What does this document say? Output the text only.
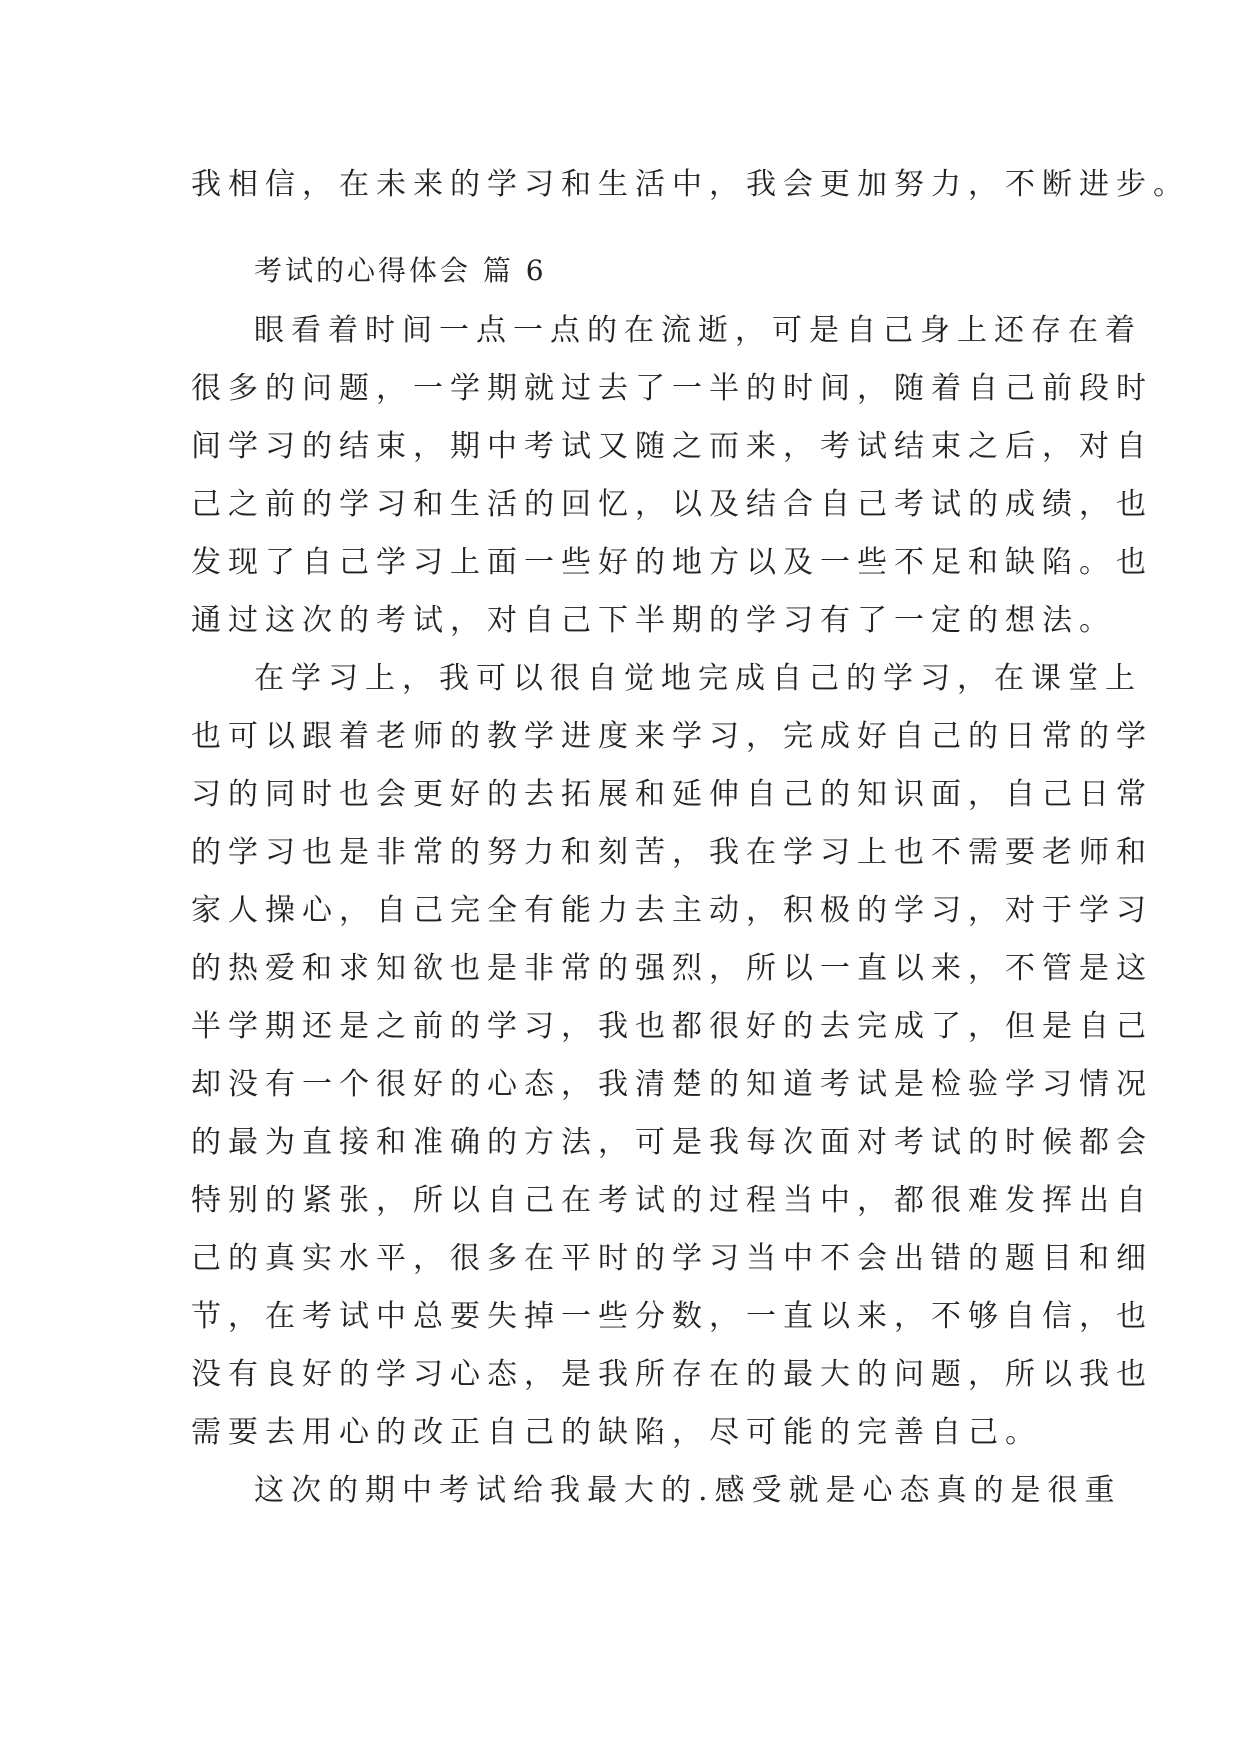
我相信，在未来的学习和生活中，我会更加努力，不断进步。
考试的心得体会 篇 6
眼看着时间一点一点的在流逝，可是自己身上还存在着
很多的问题，一学期就过去了一半的时间，随着自己前段时
间学习的结束，期中考试又随之而来，考试结束之后，对自
己之前的学习和生活的回忆，以及结合自己考试的成绩，也
发现了自己学习上面一些好的地方以及一些不足和缺陷。也
通过这次的考试，对自己下半期的学习有了一定的想法。
在学习上，我可以很自觉地完成自己的学习，在课堂上
也可以跟着老师的教学进度来学习，完成好自己的日常的学
习的同时也会更好的去拓展和延伸自己的知识面，自己日常
的学习也是非常的努力和刻苦，我在学习上也不需要老师和
家人操心，自己完全有能力去主动，积极的学习，对于学习
的热爱和求知欲也是非常的强烈，所以一直以来，不管是这
半学期还是之前的学习，我也都很好的去完成了，但是自己
却没有一个很好的心态，我清楚的知道考试是检验学习情况
的最为直接和准确的方法，可是我每次面对考试的时候都会
特别的紧张，所以自己在考试的过程当中，都很难发挥出自
己的真实水平，很多在平时的学习当中不会出错的题目和细
节，在考试中总要失掉一些分数，一直以来，不够自信，也
没有良好的学习心态，是我所存在的最大的问题，所以我也
需要去用心的改正自己的缺陷，尽可能的完善自己。
这次的期中考试给我最大的.感受就是心态真的是很重
